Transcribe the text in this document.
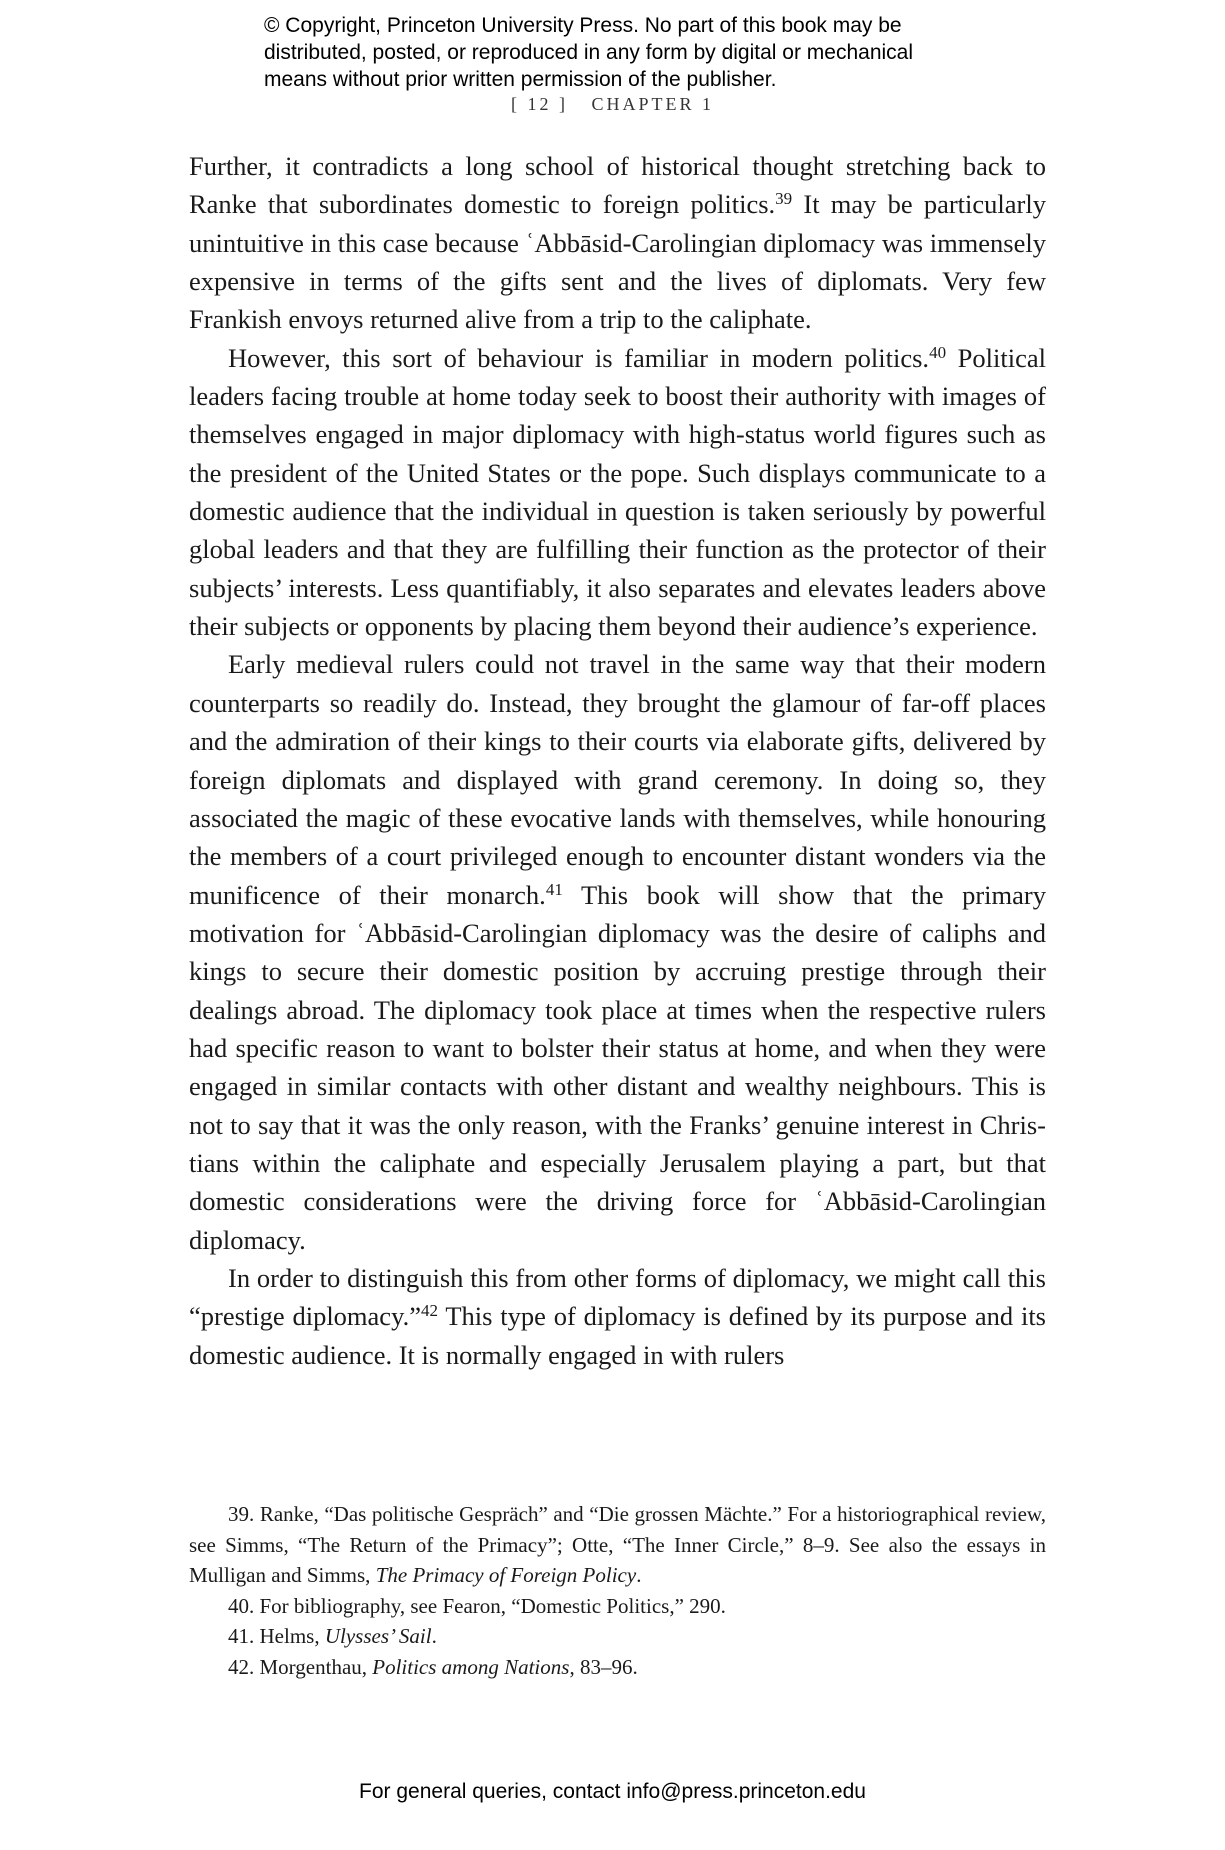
© Copyright, Princeton University Press. No part of this book may be
distributed, posted, or reproduced in any form by digital or mechanical
means without prior written permission of the publisher.
[ 12 ] CHAPTER 1

Further, it contradicts a long school of historical thought stretching back to Ranke that subordinates domestic to foreign politics.$^{39}$ It may be particularly unintuitive in this case because ʿAbbāsid-Carolingian diplomacy was immensely expensive in terms of the gifts sent and the lives of diplomats. Very few Frankish envoys returned alive from a trip to the caliphate.

However, this sort of behaviour is familiar in modern politics.$^{40}$ Political leaders facing trouble at home today seek to boost their authority with images of themselves engaged in major diplomacy with high-status world figures such as the president of the United States or the pope. Such displays communicate to a domestic audience that the individual in question is taken seriously by powerful global leaders and that they are fulfilling their function as the protector of their subjects’ interests. Less quantifiably, it also separates and elevates leaders above their subjects or opponents by placing them beyond their audience’s experience.

Early medieval rulers could not travel in the same way that their modern counterparts so readily do. Instead, they brought the glamour of far-off places and the admiration of their kings to their courts via elaborate gifts, delivered by foreign diplomats and displayed with grand ceremony. In doing so, they associated the magic of these evocative lands with themselves, while honouring the members of a court privileged enough to encounter distant wonders via the munificence of their monarch.$^{41}$ This book will show that the primary motivation for ʿAbbāsid-Carolingian diplomacy was the desire of caliphs and kings to secure their domestic position by accruing prestige through their dealings abroad. The diplomacy took place at times when the respective rulers had specific reason to want to bolster their status at home, and when they were engaged in similar contacts with other distant and wealthy neighbours. This is not to say that it was the only reason, with the Franks’ genuine interest in Christians within the caliphate and especially Jerusalem playing a part, but that domestic considerations were the driving force for ʿAbbāsid-Carolingian diplomacy.

In order to distinguish this from other forms of diplomacy, we might call this “prestige diplomacy.”$^{42}$ This type of diplomacy is defined by its purpose and its domestic audience. It is normally engaged in with rulers

39. Ranke, “Das politische Gespräch” and “Die grossen Mächte.” For a historiographical review, see Simms, “The Return of the Primacy”; Otte, “The Inner Circle,” 8–9. See also the essays in Mulligan and Simms, The Primacy of Foreign Policy.

40. For bibliography, see Fearon, “Domestic Politics,” 290.

41. Helms, Ulysses’ Sail.

42. Morgenthau, Politics among Nations, 83–96.

For general queries, contact info@press.princeton.edu
